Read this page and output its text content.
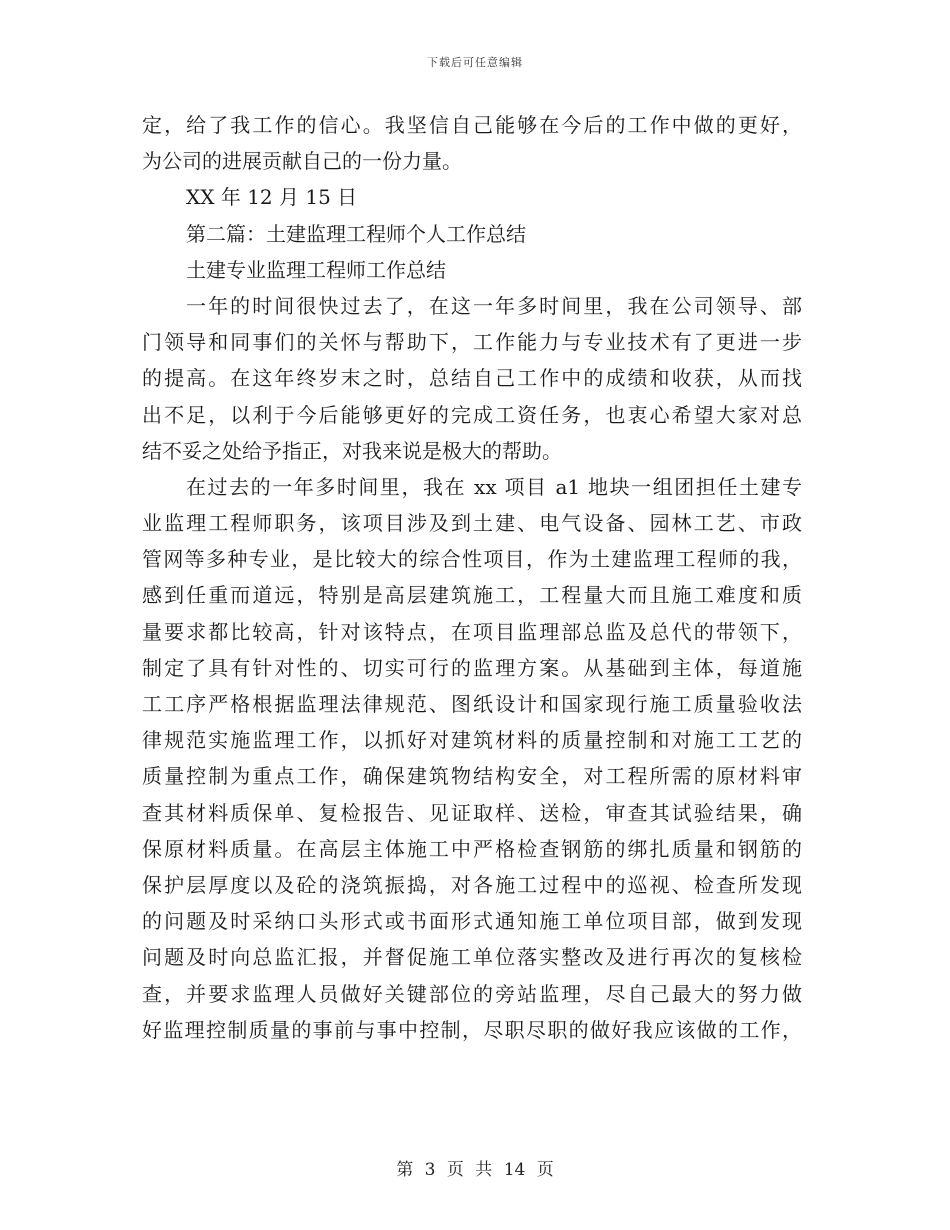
下载后可任意编辑
定，给了我工作的信心。我坚信自己能够在今后的工作中做的更好，
为公司的进展贡献自己的一份力量。
XX 年 12 月 15 日
第二篇：土建监理工程师个人工作总结
土建专业监理工程师工作总结
一年的时间很快过去了，在这一年多时间里，我在公司领导、部
门领导和同事们的关怀与帮助下，工作能力与专业技术有了更进一步
的提高。在这年终岁末之时，总结自己工作中的成绩和收获，从而找
出不足，以利于今后能够更好的完成工资任务，也衷心希望大家对总
结不妥之处给予指正，对我来说是极大的帮助。
在过去的一年多时间里，我在 xx 项目 a1 地块一组团担任土建专
业监理工程师职务，该项目涉及到土建、电气设备、园林工艺、市政
管网等多种专业，是比较大的综合性项目，作为土建监理工程师的我，
感到任重而道远，特别是高层建筑施工，工程量大而且施工难度和质
量要求都比较高，针对该特点，在项目监理部总监及总代的带领下，
制定了具有针对性的、切实可行的监理方案。从基础到主体，每道施
工工序严格根据监理法律规范、图纸设计和国家现行施工质量验收法
律规范实施监理工作，以抓好对建筑材料的质量控制和对施工工艺的
质量控制为重点工作，确保建筑物结构安全，对工程所需的原材料审
查其材料质保单、复检报告、见证取样、送检，审查其试验结果，确
保原材料质量。在高层主体施工中严格检查钢筋的绑扎质量和钢筋的
保护层厚度以及砼的浇筑振捣，对各施工过程中的巡视、检查所发现
的问题及时采纳口头形式或书面形式通知施工单位项目部，做到发现
问题及时向总监汇报，并督促施工单位落实整改及进行再次的复核检
查，并要求监理人员做好关键部位的旁站监理，尽自己最大的努力做
好监理控制质量的事前与事中控制，尽职尽职的做好我应该做的工作，
第 3 页 共 14 页
